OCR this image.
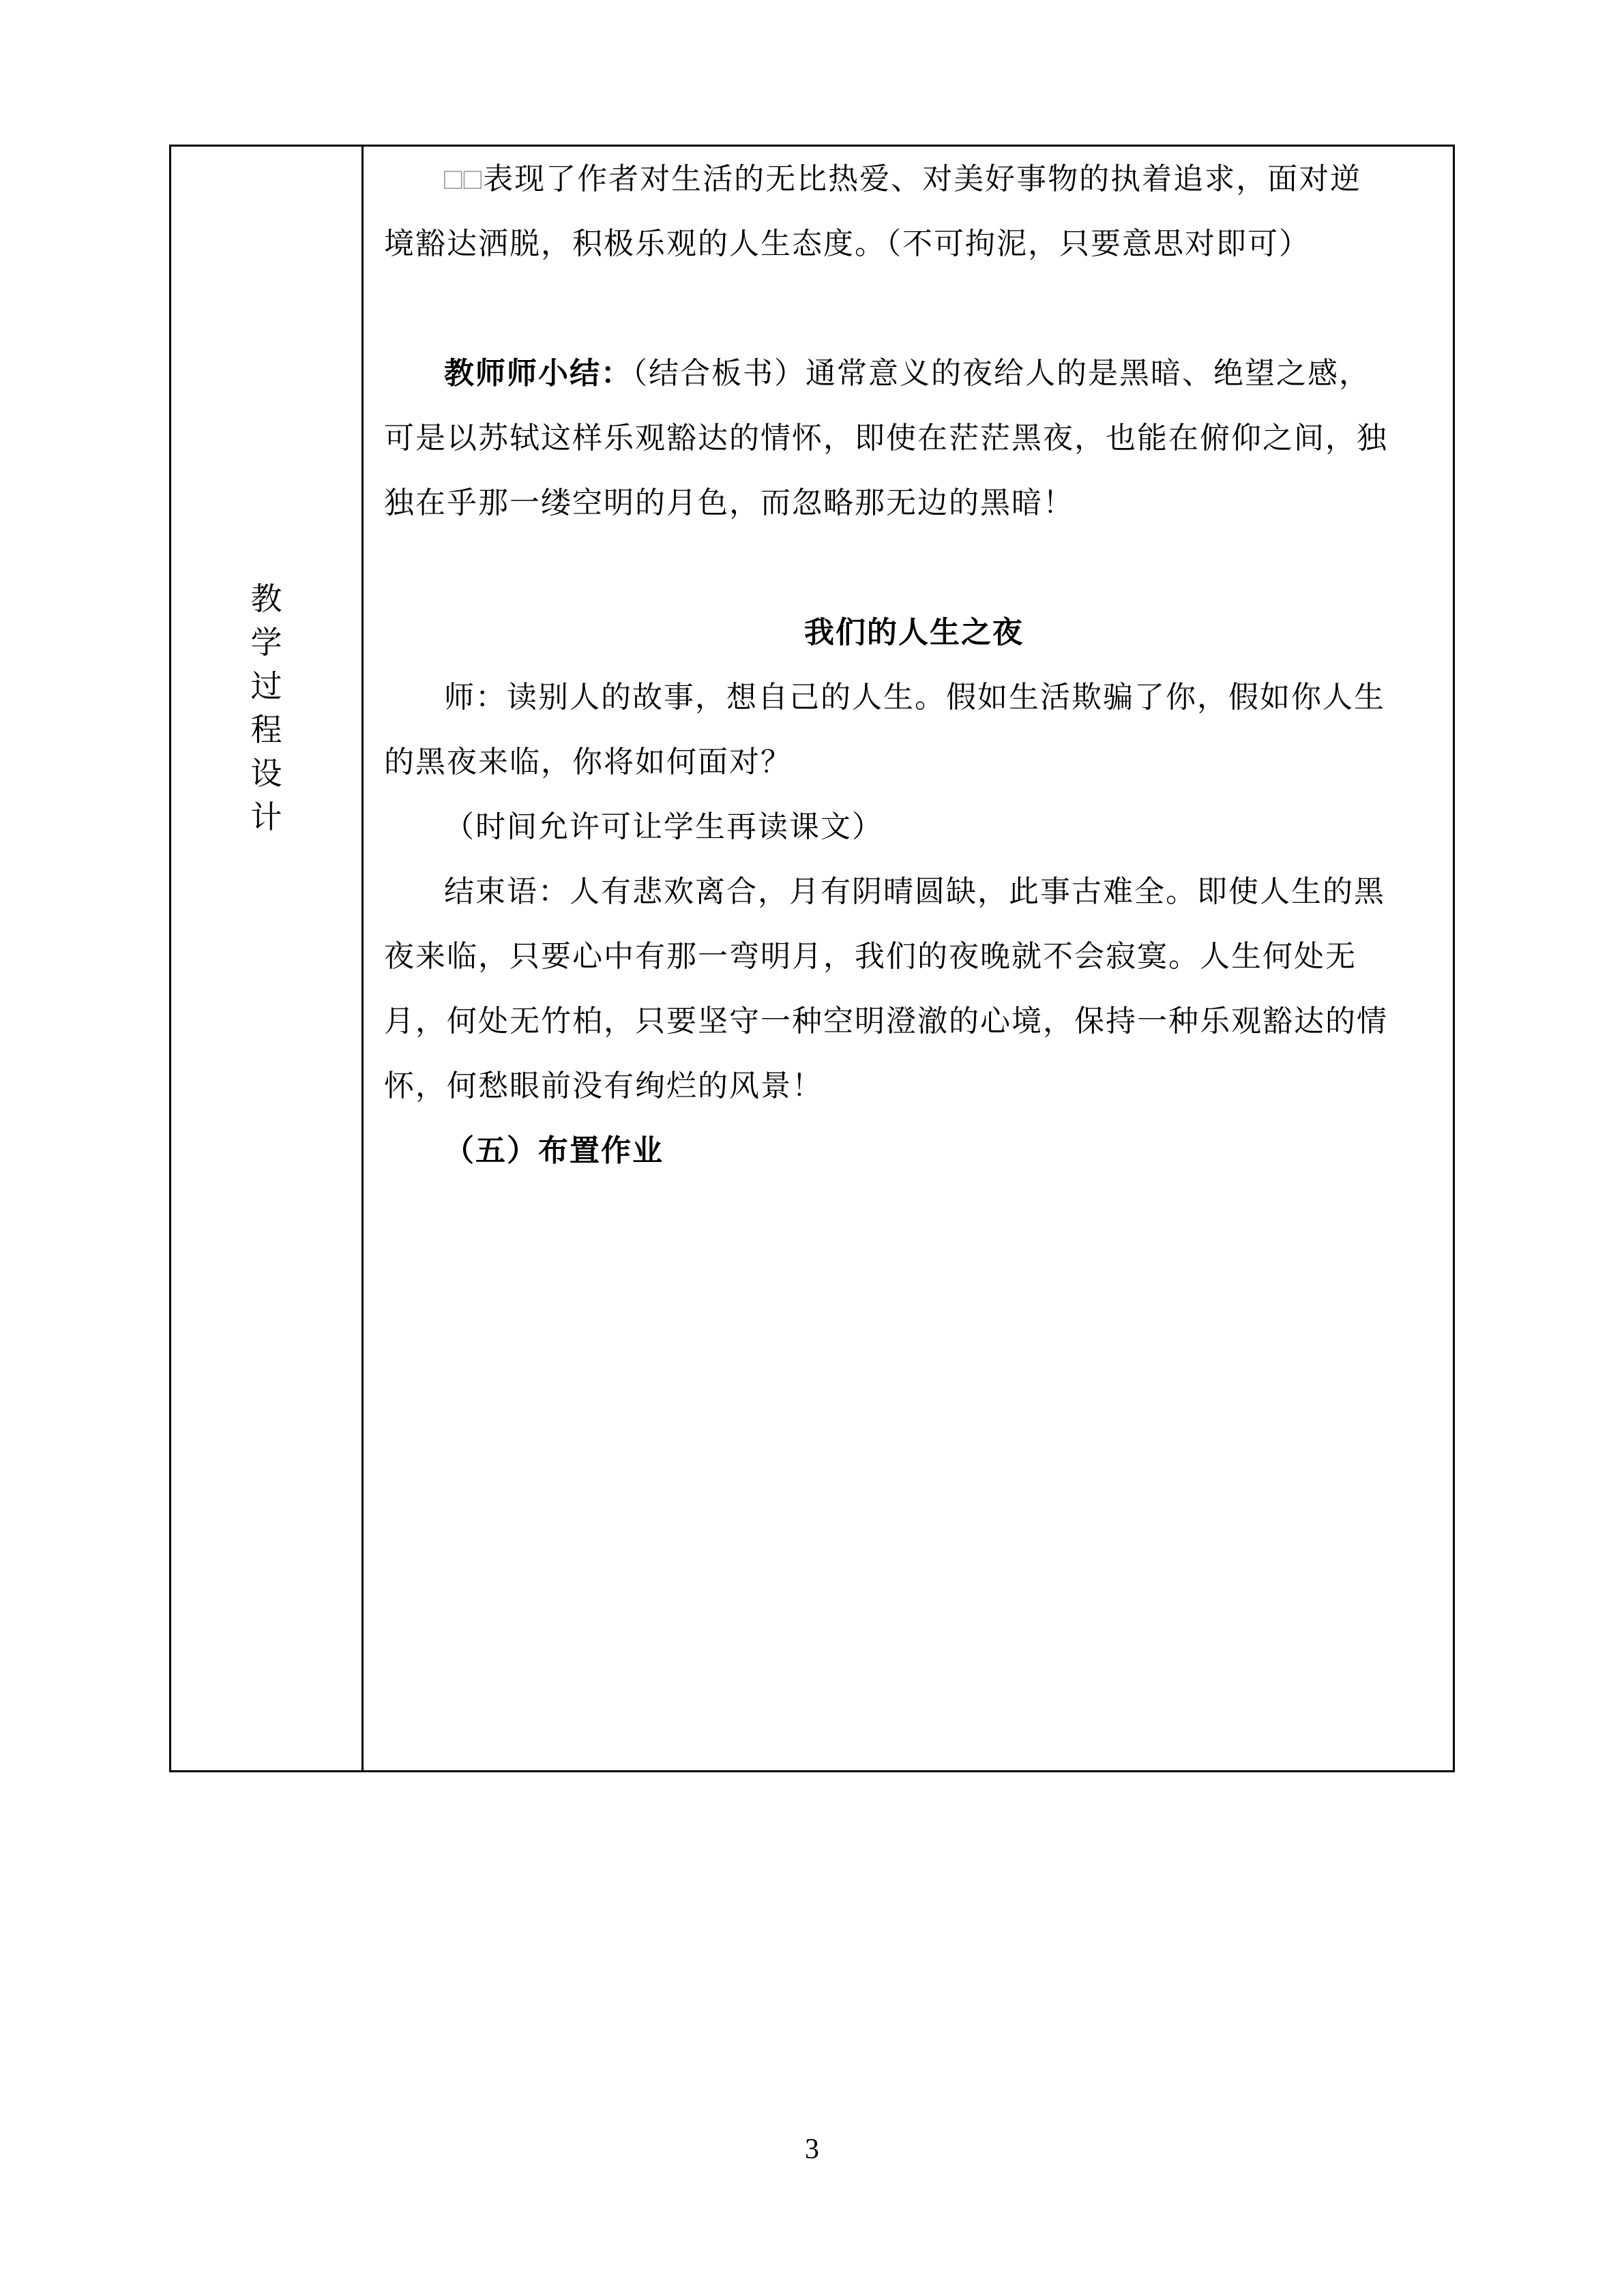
教
学
过
程
设
计
□□表现了作者对生活的无比热爱、对美好事物的执着追求，面对逆
境豁达洒脱，积极乐观的人生态度。（不可拘泥，只要意思对即可）
教师师小结：（结合板书）通常意义的夜给人的是黑暗、绝望之感，
可是以苏轼这样乐观豁达的情怀，即使在茫茫黑夜，也能在俯仰之间，独
独在乎那一缕空明的月色，而忽略那无边的黑暗！
我们的人生之夜
师：读别人的故事，想自己的人生。假如生活欺骗了你，假如你人生
的黑夜来临，你将如何面对？
（时间允许可让学生再读课文）
结束语：人有悲欢离合，月有阴晴圆缺，此事古难全。即使人生的黑
夜来临，只要心中有那一弯明月，我们的夜晚就不会寂寞。人生何处无
月，何处无竹柏，只要坚守一种空明澄澈的心境，保持一种乐观豁达的情
怀，何愁眼前没有绚烂的风景！
（五）布置作业
3
